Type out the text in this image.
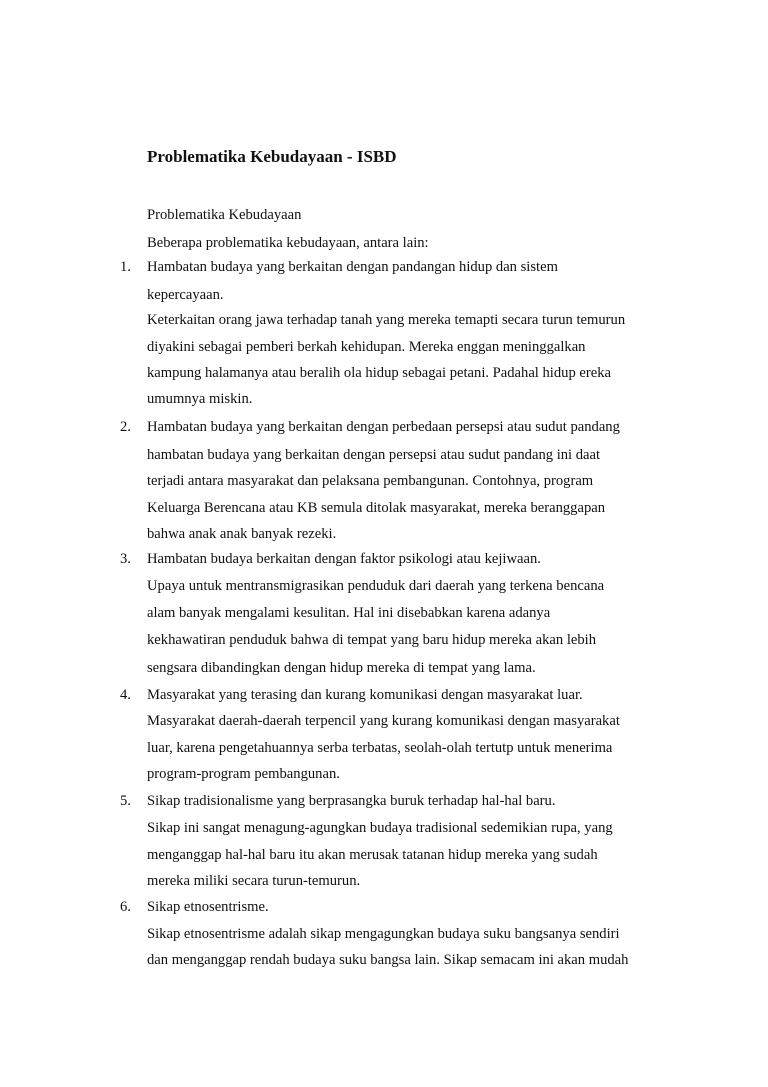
Problematika Kebudayaan - ISBD
Problematika Kebudayaan
Beberapa problematika kebudayaan, antara lain:
1. Hambatan budaya yang berkaitan dengan pandangan hidup dan sistem
kepercayaan.
Keterkaitan orang jawa terhadap tanah yang mereka temapti secara turun temurun
diyakini sebagai pemberi berkah kehidupan. Mereka enggan meninggalkan
kampung halamanya atau beralih ola hidup sebagai petani. Padahal hidup ereka
umumnya miskin.
2. Hambatan budaya yang berkaitan dengan perbedaan persepsi atau sudut pandang
hambatan budaya yang berkaitan dengan persepsi atau sudut pandang ini daat
terjadi antara masyarakat dan pelaksana pembangunan. Contohnya, program
Keluarga Berencana atau KB semula ditolak masyarakat, mereka beranggapan
bahwa anak anak banyak rezeki.
3. Hambatan budaya berkaitan dengan faktor psikologi atau kejiwaan.
Upaya untuk mentransmigrasikan penduduk dari daerah yang terkena bencana
alam banyak mengalami kesulitan. Hal ini disebabkan karena adanya
kekhawatiran penduduk bahwa di tempat yang baru hidup mereka akan lebih
sengsara dibandingkan dengan hidup mereka di tempat yang lama.
4. Masyarakat yang terasing dan kurang komunikasi dengan masyarakat luar.
Masyarakat daerah-daerah terpencil yang kurang komunikasi dengan masyarakat
luar, karena pengetahuannya serba terbatas, seolah-olah tertutp untuk menerima
program-program pembangunan.
5. Sikap tradisionalisme yang berprasangka buruk terhadap hal-hal baru.
Sikap ini sangat menagung-agungkan budaya tradisional sedemikian rupa, yang
menganggap hal-hal baru itu akan merusak tatanan hidup mereka yang sudah
mereka miliki secara turun-temurun.
6. Sikap etnosentrisme.
Sikap etnosentrisme adalah sikap mengagungkan budaya suku bangsanya sendiri
dan menganggap rendah budaya suku bangsa lain. Sikap semacam ini akan mudah
